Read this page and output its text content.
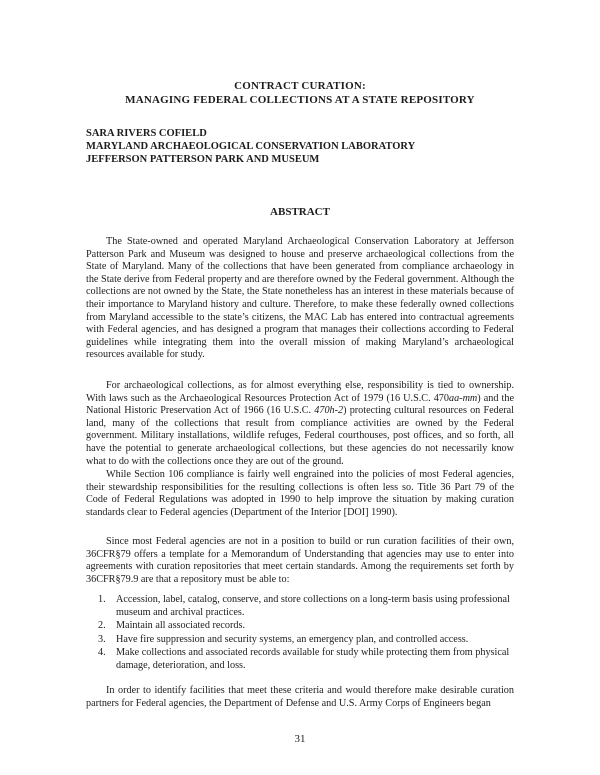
CONTRACT CURATION:
MANAGING FEDERAL COLLECTIONS AT A STATE REPOSITORY
SARA RIVERS COFIELD
MARYLAND ARCHAEOLOGICAL CONSERVATION LABORATORY
JEFFERSON PATTERSON PARK AND MUSEUM
ABSTRACT

The State-owned and operated Maryland Archaeological Conservation Laboratory at Jefferson Patterson Park and Museum was designed to house and preserve archaeological collections from the State of Maryland. Many of the collections that have been generated from compliance archaeology in the State derive from Federal property and are therefore owned by the Federal government. Although the collections are not owned by the State, the State nonetheless has an interest in these materials because of their importance to Maryland history and culture. Therefore, to make these federally owned collections from Maryland accessible to the state’s citizens, the MAC Lab has entered into contractual agreements with Federal agencies, and has designed a program that manages their collections according to Federal guidelines while integrating them into the overall mission of making Maryland’s archaeological resources available for study.

For archaeological collections, as for almost everything else, responsibility is tied to ownership. With laws such as the Archaeological Resources Protection Act of 1979 (16 U.S.C. 470aa-mm) and the National Historic Preservation Act of 1966 (16 U.S.C. 470h-2) protecting cultural resources on Federal land, many of the collections that result from compliance activities are owned by the Federal government. Military installations, wildlife refuges, Federal courthouses, post offices, and so forth, all have the potential to generate archaeological collections, but these agencies do not necessarily know what to do with the collections once they are out of the ground.

While Section 106 compliance is fairly well engrained into the policies of most Federal agencies, their stewardship responsibilities for the resulting collections is often less so. Title 36 Part 79 of the Code of Federal Regulations was adopted in 1990 to help improve the situation by making curation standards clear to Federal agencies (Department of the Interior [DOI] 1990).

Since most Federal agencies are not in a position to build or run curation facilities of their own, 36CFR§79 offers a template for a Memorandum of Understanding that agencies may use to enter into agreements with curation repositories that meet certain standards. Among the requirements set forth by 36CFR§79.9 are that a repository must be able to:

1. Accession, label, catalog, conserve, and store collections on a long-term basis using professional museum and archival practices.
2. Maintain all associated records.
3. Have fire suppression and security systems, an emergency plan, and controlled access.
4. Make collections and associated records available for study while protecting them from physical damage, deterioration, and loss.

In order to identify facilities that meet these criteria and would therefore make desirable curation partners for Federal agencies, the Department of Defense and U.S. Army Corps of Engineers began

31
